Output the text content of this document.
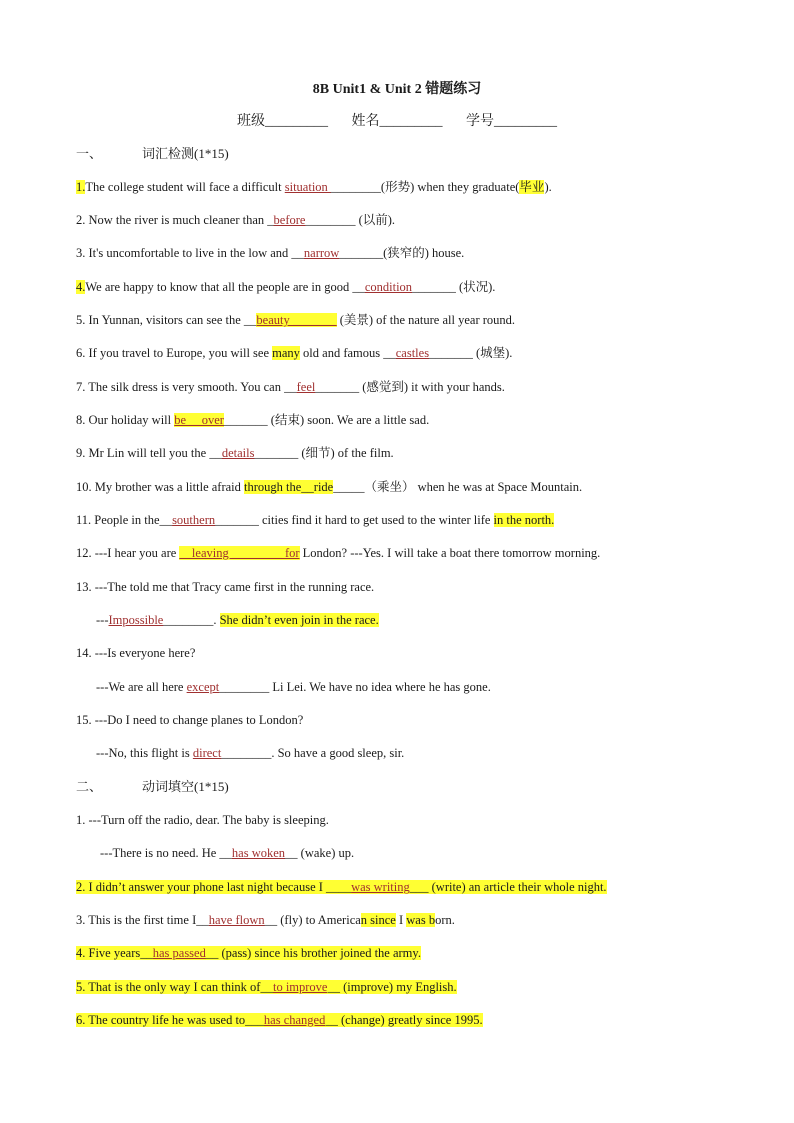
8B Unit1 & Unit 2 错题练习
班级_________ 姓名_________ 学号_________
一、	词汇检测(1*15)
1.The college student will face a difficult situation ________(形势) when they graduate(毕业).
2. Now the river is much cleaner than _before________ (以前).
3. It's uncomfortable to live in the low and __narrow_______(狭窄的) house.
4.We are happy to know that all the people are in good __condition_______ (状况).
5. In Yunnan, visitors can see the __beauty _______ (美景) of the nature all year round.
6. If you travel to Europe, you will see many old and famous __castles_______ (城堡).
7. The silk dress is very smooth. You can __feel_______ (感觉到) it with your hands.
8. Our holiday will be __over_______ (结束) soon. We are a little sad.
9. Mr Lin will tell you the __details_______ (细节) of the film.
10. My brother was a little afraid through the__ride_____（乘坐） when he was at Space Mountain.
11. People in the__southern_______ cities find it hard to get used to the winter life in the north.
12. ---I hear you are __leaving ________ for London? ---Yes. I will take a boat there tomorrow morning.
13. ---The told me that Tracy came first in the running race.
---Impossible________. She didn’t even join in the race.
14. ---Is everyone here?
---We are all here except________ Li Lei. We have no idea where he has gone.
15. ---Do I need to change planes to London?
---No, this flight is direct________. So have a good sleep, sir.
二、	动词填空(1*15)
1. ---Turn off the radio, dear. The baby is sleeping.
---There is no need. He __has woken__ (wake) up.
2. I didn’t answer your phone last night because I ____was writing___ (write) an article their whole night.
3. This is the first time I__have flown__ (fly) to American since I was born.
4. Five years__has passed__ (pass) since his brother joined the army.
5. That is the only way I can think of__to improve__ (improve) my English.
6. The country life he was used to___has changed__ (change) greatly since 1995.
